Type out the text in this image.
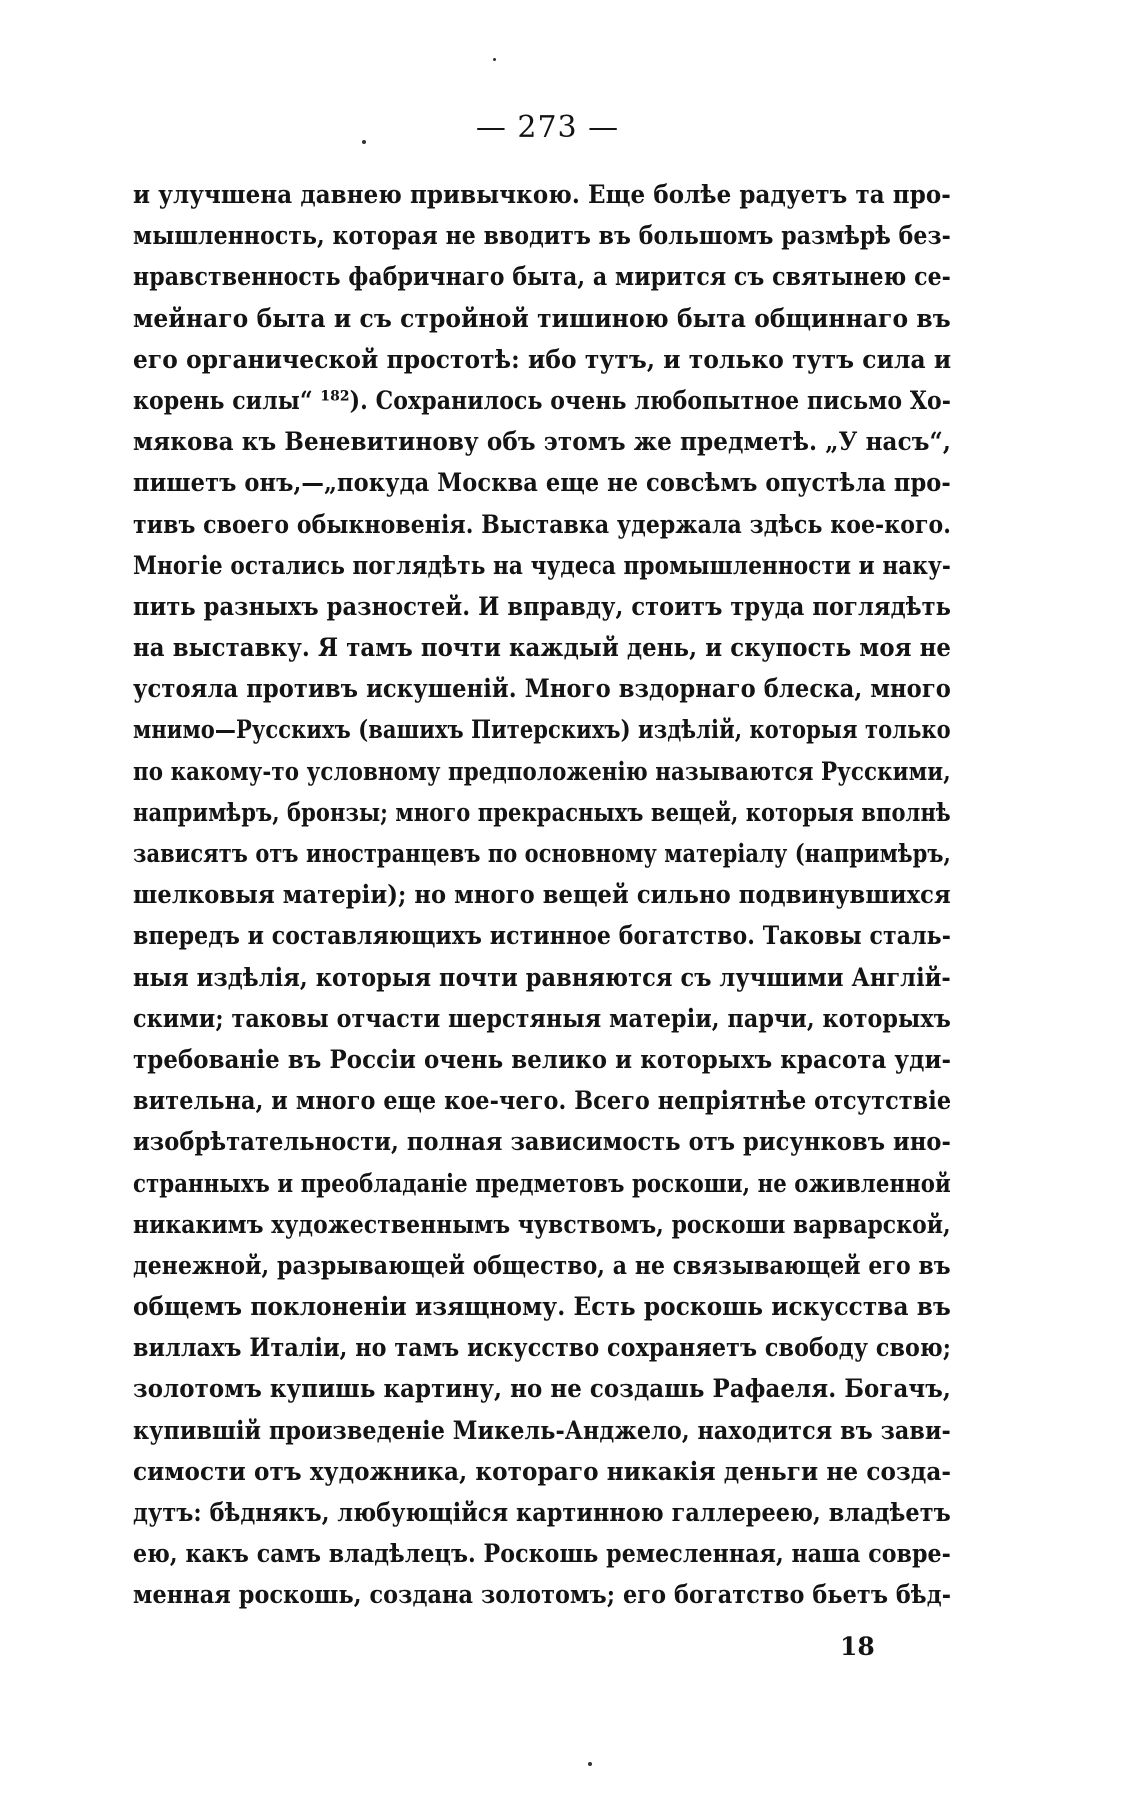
— 273 —
и улучшена давнею привычкою. Еще болѣе радуетъ та про-
мышленность, которая не вводитъ въ большомъ размѣрѣ без-
нравственность фабричнаго быта, а мирится съ святынею се-
мейнаго быта и съ стройной тишиною быта общиннаго въ
его органической простотѣ: ибо тутъ, и только тутъ сила и
корень силы“ ¹⁸²). Сохранилось очень любопытное письмо Хо-
мякова къ Веневитинову объ этомъ же предметѣ. „У насъ“,
пишетъ онъ,—„покуда Москва еще не совсѣмъ опустѣла про-
тивъ своего обыкновенія. Выставка удержала здѣсь кое-кого.
Многіе остались поглядѣть на чудеса промышленности и наку-
пить разныхъ разностей. И вправду, стоитъ труда поглядѣть
на выставку. Я тамъ почти каждый день, и скупость моя не
устояла противъ искушеній. Много вздорнаго блеска, много
мнимо—Русскихъ (вашихъ Питерскихъ) издѣлій, которыя только
по какому-то условному предположенію называются Русскими,
напримѣръ, бронзы; много прекрасныхъ вещей, которыя вполнѣ
зависятъ отъ иностранцевъ по основному матеріалу (напримѣръ,
шелковыя матеріи); но много вещей сильно подвинувшихся
впередъ и составляющихъ истинное богатство. Таковы сталь-
ныя издѣлія, которыя почти равняются съ лучшими Англій-
скими; таковы отчасти шерстяныя матеріи, парчи, которыхъ
требованіе въ Россіи очень велико и которыхъ красота уди-
вительна, и много еще кое-чего. Всего непріятнѣе отсутствіе
изобрѣтательности, полная зависимость отъ рисунковъ ино-
странныхъ и преобладаніе предметовъ роскоши, не оживленной
никакимъ художественнымъ чувствомъ, роскоши варварской,
денежной, разрывающей общество, а не связывающей его въ
общемъ поклоненіи изящному. Есть роскошь искусства въ
виллахъ Италіи, но тамъ искусство сохраняетъ свободу свою;
золотомъ купишь картину, но не создашь Рафаеля. Богачъ,
купившій произведеніе Микель-Анджело, находится въ зави-
симости отъ художника, котораго никакія деньги не созда-
дутъ: бѣднякъ, любующійся картинною галлереею, владѣетъ
ею, какъ самъ владѣлецъ. Роскошь ремесленная, наша совре-
менная роскошь, создана золотомъ; его богатство бьетъ бѣд-
18
